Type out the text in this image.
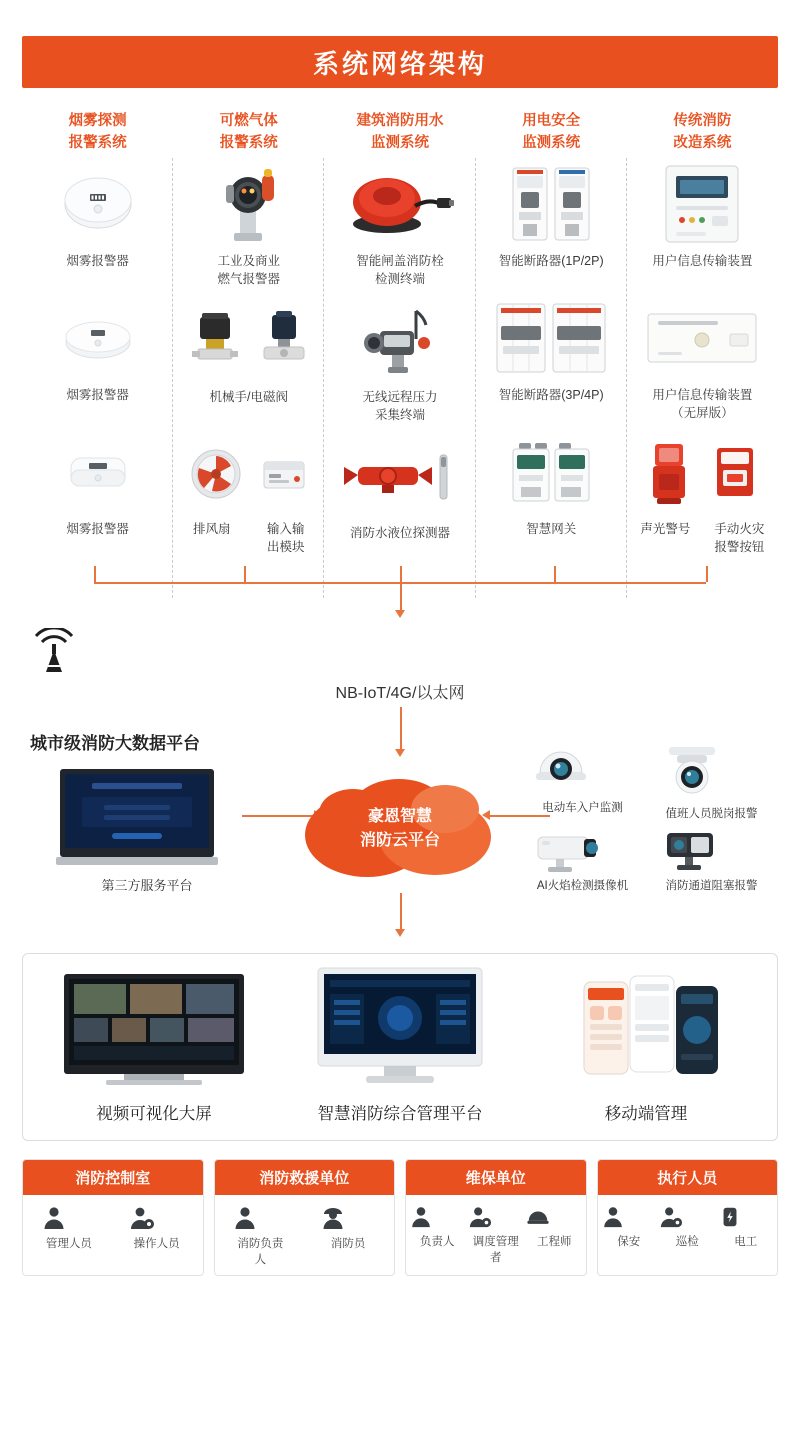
系统网络架构
烟雾探测
报警系统
烟雾报警器
烟雾报警器
烟雾报警器
可燃气体
报警系统
工业及商业
燃气报警器
机械手/电磁阀
排风扇	输入输
出模块
建筑消防用水
监测系统
智能闸盖消防栓
检测终端
无线远程压力
采集终端
消防水液位探测器
用电安全
监测系统
智能断路器(1P/2P)
智能断路器(3P/4P)
智慧网关
传统消防
改造系统
用户信息传输装置
用户信息传输装置
（无屏版）
声光警号	手动火灾
报警按钮
NB-IoT/4G/以太网
城市级消防大数据平台
第三方服务平台
豪恩智慧
消防云平台
电动车入户监测	值班人员脱岗报警
AI火焰检测摄像机	消防通道阻塞报警
视频可视化大屏	智慧消防综合管理平台	移动端管理
消防控制室
管理人员	操作人员
消防救援单位
消防负责人
消防员
维保单位
负责人	调度管理者
工程师
执行人员
保安	巡检	电工
